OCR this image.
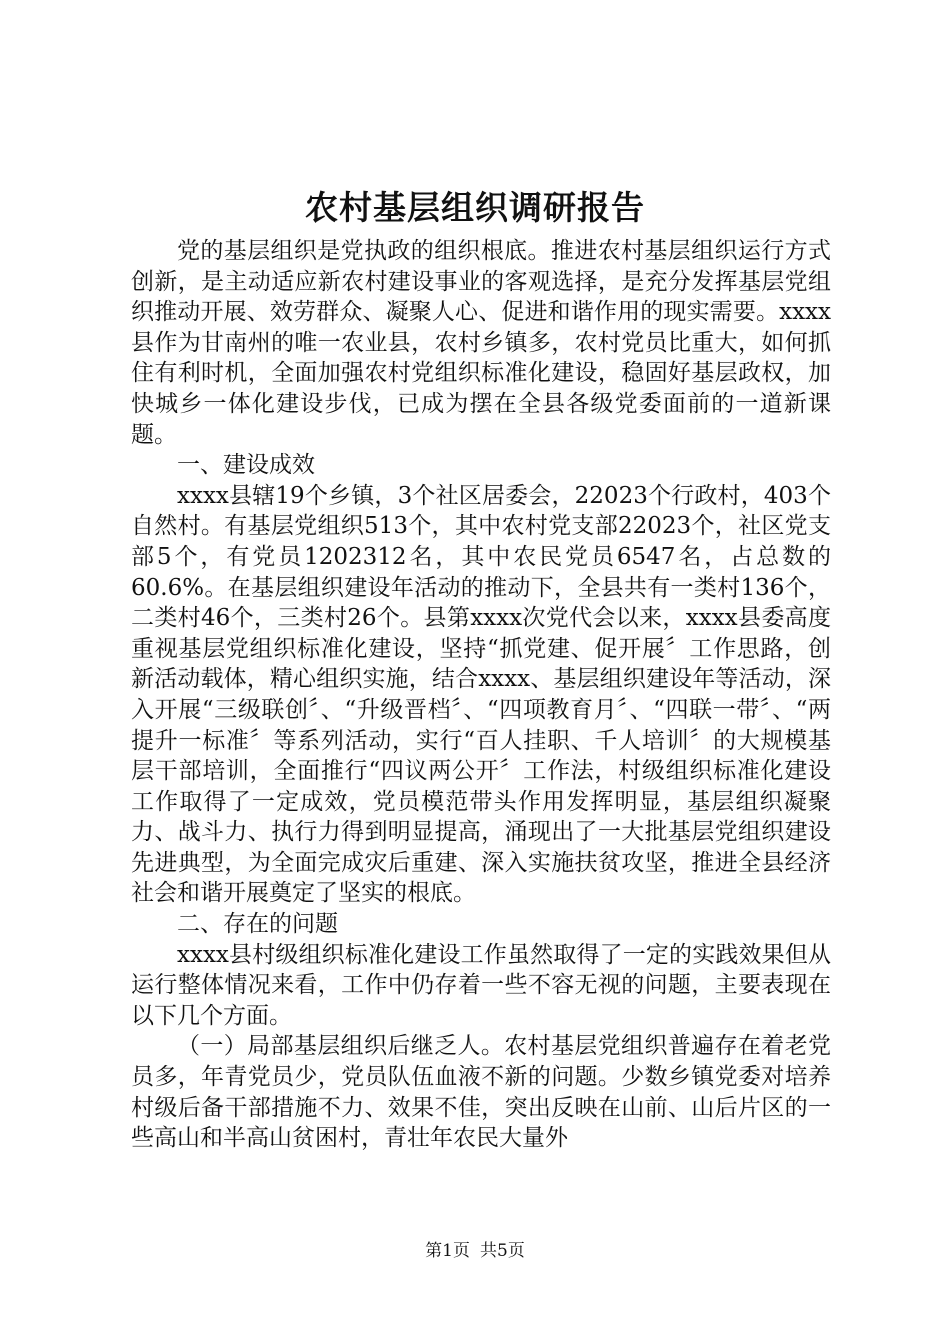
农村基层组织调研报告

党的基层组织是党执政的组织根底。推进农村基层组织运行方式创新，是主动适应新农村建设事业的客观选择，是充分发挥基层党组织推动开展、效劳群众、凝聚人心、促进和谐作用的现实需要。xxxx县作为甘南州的唯一农业县，农村乡镇多，农村党员比重大，如何抓住有利时机，全面加强农村党组织标准化建设，稳固好基层政权，加快城乡一体化建设步伐，已成为摆在全县各级党委面前的一道新课题。

一、建设成效

xxxx县辖19个乡镇，3个社区居委会，22023个行政村，403个自然村。有基层党组织513个，其中农村党支部22023个，社区党支部5个，有党员1202312名，其中农民党员6547名，占总数的60.6%。在基层组织建设年活动的推动下，全县共有一类村136个，二类村46个，三类村26个。县第xxxx次党代会以来，xxxx县委高度重视基层党组织标准化建设，坚持“抓党建、促开展〞工作思路，创新活动载体，精心组织实施，结合xxxx、基层组织建设年等活动，深入开展“三级联创〞、“升级晋档〞、“四项教育月〞、“四联一带〞、“两提升一标准〞等系列活动，实行“百人挂职、千人培训〞的大规模基层干部培训，全面推行“四议两公开〞工作法，村级组织标准化建设工作取得了一定成效，党员模范带头作用发挥明显，基层组织凝聚力、战斗力、执行力得到明显提高，涌现出了一大批基层党组织建设先进典型，为全面完成灾后重建、深入实施扶贫攻坚，推进全县经济社会和谐开展奠定了坚实的根底。

二、存在的问题

xxxx县村级组织标准化建设工作虽然取得了一定的实践效果但从运行整体情况来看，工作中仍存着一些不容无视的问题，主要表现在以下几个方面。

（一）局部基层组织后继乏人。农村基层党组织普遍存在着老党员多，年青党员少，党员队伍血液不新的问题。少数乡镇党委对培养村级后备干部措施不力、效果不佳，突出反映在山前、山后片区的一些高山和半高山贫困村，青壮年农民大量外

第1页 共5页
